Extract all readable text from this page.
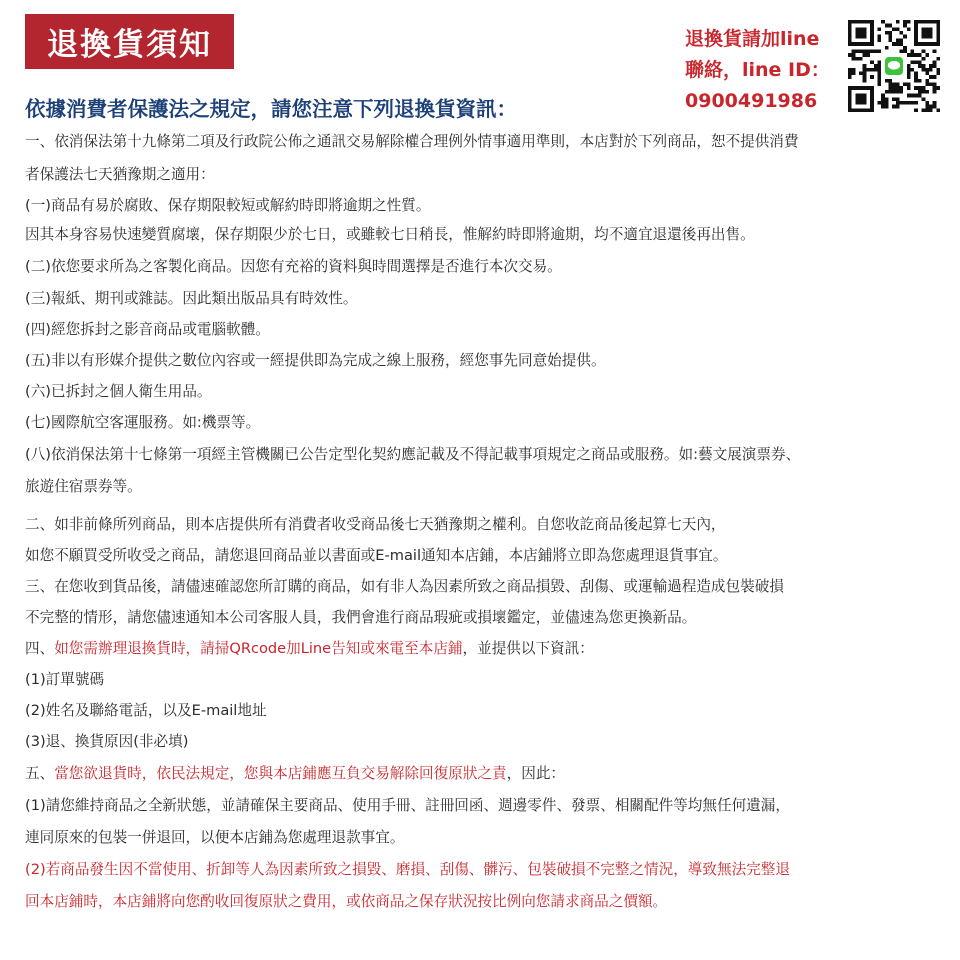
退換貨須知
依據消費者保護法之規定，請您注意下列退換貨資訊：
退換貨請加line
聯絡，line ID：
0900491986
一、依消保法第十九條第二項及行政院公佈之通訊交易解除權合理例外情事適用準則，本店對於下列商品，恕不提供消費
者保護法七天猶豫期之適用：
(一)商品有易於腐敗、保存期限較短或解約時即將逾期之性質。
因其本身容易快速變質腐壞，保存期限少於七日，或雖較七日稍長，惟解約時即將逾期，均不適宜退還後再出售。
(二)依您要求所為之客製化商品。因您有充裕的資料與時間選擇是否進行本次交易。
(三)報紙、期刊或雜誌。因此類出版品具有時效性。
(四)經您拆封之影音商品或電腦軟體。
(五)非以有形媒介提供之數位內容或一經提供即為完成之線上服務，經您事先同意始提供。
(六)已拆封之個人衛生用品。
(七)國際航空客運服務。如:機票等。
(八)依消保法第十七條第一項經主管機關已公告定型化契約應記載及不得記載事項規定之商品或服務。如:藝文展演票券、
旅遊住宿票券等。
二、如非前條所列商品，則本店提供所有消費者收受商品後七天猶豫期之權利。自您收訖商品後起算七天內，
如您不願買受所收受之商品，請您退回商品並以書面或E-mail通知本店鋪，本店鋪將立即為您處理退貨事宜。
三、在您收到貨品後，請儘速確認您所訂購的商品，如有非人為因素所致之商品損毀、刮傷、或運輸過程造成包裝破損
不完整的情形，請您儘速通知本公司客服人員，我們會進行商品瑕疵或損壞鑑定，並儘速為您更換新品。
四、如您需辦理退換貨時，請掃QRcode加Line告知或來電至本店鋪，並提供以下資訊：
(1)訂單號碼
(2)姓名及聯絡電話，以及E-mail地址
(3)退、換貨原因(非必填)
五、當您欲退貨時，依民法規定，您與本店鋪應互負交易解除回復原狀之責，因此：
(1)請您維持商品之全新狀態，並請確保主要商品、使用手冊、註冊回函、週邊零件、發票、相關配件等均無任何遺漏，
連同原來的包裝一併退回，以便本店鋪為您處理退款事宜。
(2)若商品發生因不當使用、折卸等人為因素所致之損毀、磨損、刮傷、髒污、包裝破損不完整之情況，導致無法完整退
回本店鋪時，本店鋪將向您酌收回復原狀之費用，或依商品之保存狀況按比例向您請求商品之價額。
